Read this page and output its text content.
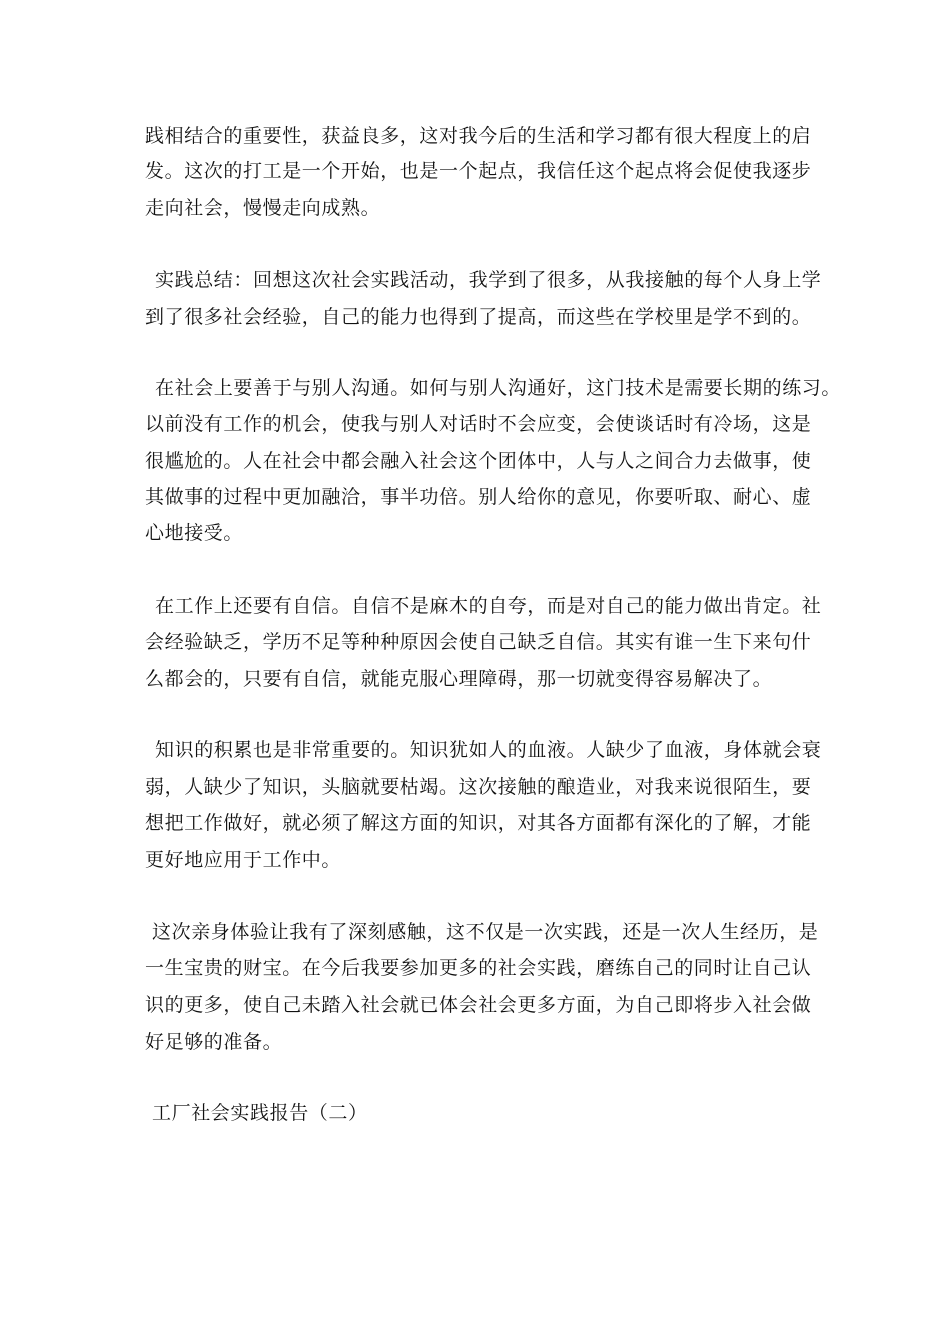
践相结合的重要性，获益良多，这对我今后的生活和学习都有很大程度上的启
发。这次的打工是一个开始，也是一个起点，我信任这个起点将会促使我逐步
走向社会，慢慢走向成熟。
实践总结：回想这次社会实践活动，我学到了很多，从我接触的每个人身上学
到了很多社会经验，自己的能力也得到了提高，而这些在学校里是学不到的。
在社会上要善于与别人沟通。如何与别人沟通好，这门技术是需要长期的练习。
以前没有工作的机会，使我与别人对话时不会应变，会使谈话时有冷场，这是
很尴尬的。人在社会中都会融入社会这个团体中，人与人之间合力去做事，使
其做事的过程中更加融洽，事半功倍。别人给你的意见，你要听取、耐心、虚
心地接受。
在工作上还要有自信。自信不是麻木的自夸，而是对自己的能力做出肯定。社
会经验缺乏，学历不足等种种原因会使自己缺乏自信。其实有谁一生下来句什
么都会的，只要有自信，就能克服心理障碍，那一切就变得容易解决了。
知识的积累也是非常重要的。知识犹如人的血液。人缺少了血液，身体就会衰
弱，人缺少了知识，头脑就要枯竭。这次接触的酿造业，对我来说很陌生，要
想把工作做好，就必须了解这方面的知识，对其各方面都有深化的了解，才能
更好地应用于工作中。
这次亲身体验让我有了深刻感触，这不仅是一次实践，还是一次人生经历，是
一生宝贵的财宝。在今后我要参加更多的社会实践，磨练自己的同时让自己认
识的更多，使自己未踏入社会就已体会社会更多方面，为自己即将步入社会做
好足够的准备。
工厂社会实践报告（二）
